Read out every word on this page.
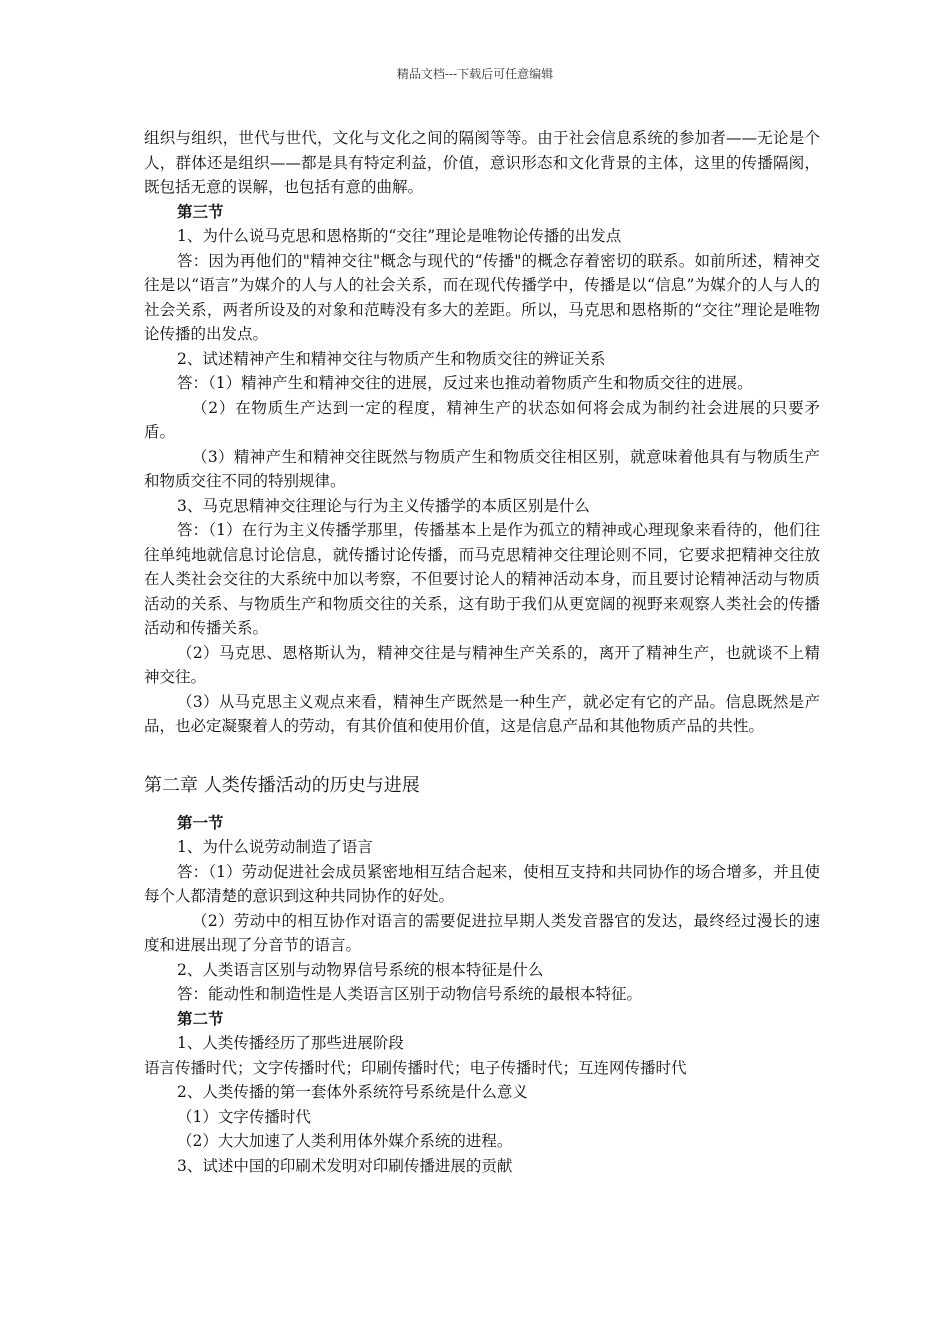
精品文档---下载后可任意编辑

组织与组织，世代与世代，文化与文化之间的隔阂等等。由于社会信息系统的参加者——无论是个人，群体还是组织——都是具有特定利益，价值，意识形态和文化背景的主体，这里的传播隔阂，既包括无意的误解，也包括有意的曲解。

第三节

1、为什么说马克思和恩格斯的“交往”理论是唯物论传播的出发点

答：因为再他们的"精神交往"概念与现代的“传播"的概念存着密切的联系。如前所述，精神交往是以“语言”为媒介的人与人的社会关系，而在现代传播学中，传播是以“信息”为媒介的人与人的社会关系，两者所设及的对象和范畴没有多大的差距。所以，马克思和恩格斯的“交往”理论是唯物论传播的出发点。

2、试述精神产生和精神交往与物质产生和物质交往的辨证关系

答：（1）精神产生和精神交往的进展，反过来也推动着物质产生和物质交往的进展。

（2）在物质生产达到一定的程度，精神生产的状态如何将会成为制约社会进展的只要矛盾。

（3）精神产生和精神交往既然与物质产生和物质交往相区别，就意味着他具有与物质生产和物质交往不同的特别规律。

3、马克思精神交往理论与行为主义传播学的本质区别是什么

答：（1）在行为主义传播学那里，传播基本上是作为孤立的精神或心理现象来看待的，他们往往单纯地就信息讨论信息，就传播讨论传播，而马克思精神交往理论则不同，它要求把精神交往放在人类社会交往的大系统中加以考察，不但要讨论人的精神活动本身，而且要讨论精神活动与物质活动的关系、与物质生产和物质交往的关系，这有助于我们从更宽阔的视野来观察人类社会的传播活动和传播关系。

（2）马克思、恩格斯认为，精神交往是与精神生产关系的，离开了精神生产，也就谈不上精神交往。

（3）从马克思主义观点来看，精神生产既然是一种生产，就必定有它的产品。信息既然是产品，也必定凝聚着人的劳动，有其价值和使用价值，这是信息产品和其他物质产品的共性。

第二章 人类传播活动的历史与进展

第一节

1、为什么说劳动制造了语言

答：（1）劳动促进社会成员紧密地相互结合起来，使相互支持和共同协作的场合增多，并且使每个人都清楚的意识到这种共同协作的好处。

（2）劳动中的相互协作对语言的需要促进拉早期人类发音器官的发达，最终经过漫长的速度和进展出现了分音节的语言。

2、人类语言区别与动物界信号系统的根本特征是什么

答：能动性和制造性是人类语言区别于动物信号系统的最根本特征。

第二节

1、人类传播经历了那些进展阶段

语言传播时代；文字传播时代；印刷传播时代；电子传播时代；互连网传播时代

2、人类传播的第一套体外系统符号系统是什么意义

（1）文字传播时代

（2）大大加速了人类利用体外媒介系统的进程。

3、试述中国的印刷术发明对印刷传播进展的贡献
